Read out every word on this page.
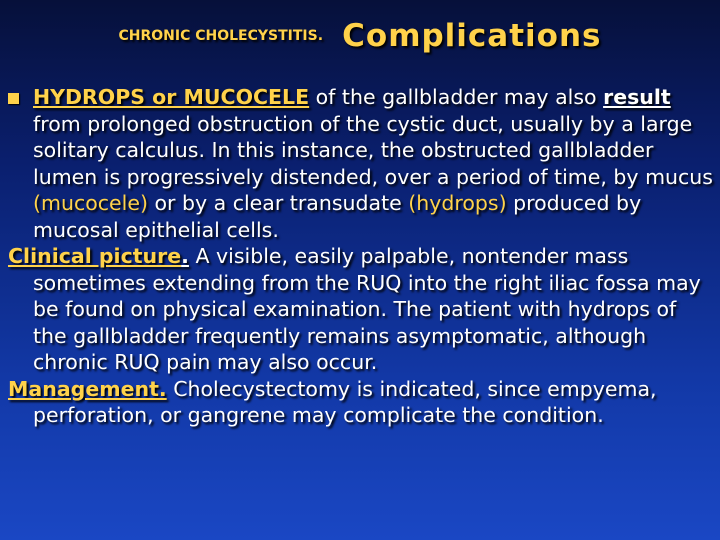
CHRONIC CHOLECYSTITIS. Complications
HYDROPS or MUCOCELE of the gallbladder may also result from prolonged obstruction of the cystic duct, usually by a large solitary calculus. In this instance, the obstructed gallbladder lumen is progressively distended, over a period of time, by mucus (mucocele) or by a clear transudate (hydrops) produced by mucosal epithelial cells.
Clinical picture. A visible, easily palpable, nontender mass sometimes extending from the RUQ into the right iliac fossa may be found on physical examination. The patient with hydrops of the gallbladder frequently remains asymptomatic, although chronic RUQ pain may also occur.
Management. Cholecystectomy is indicated, since empyema, perforation, or gangrene may complicate the condition.
